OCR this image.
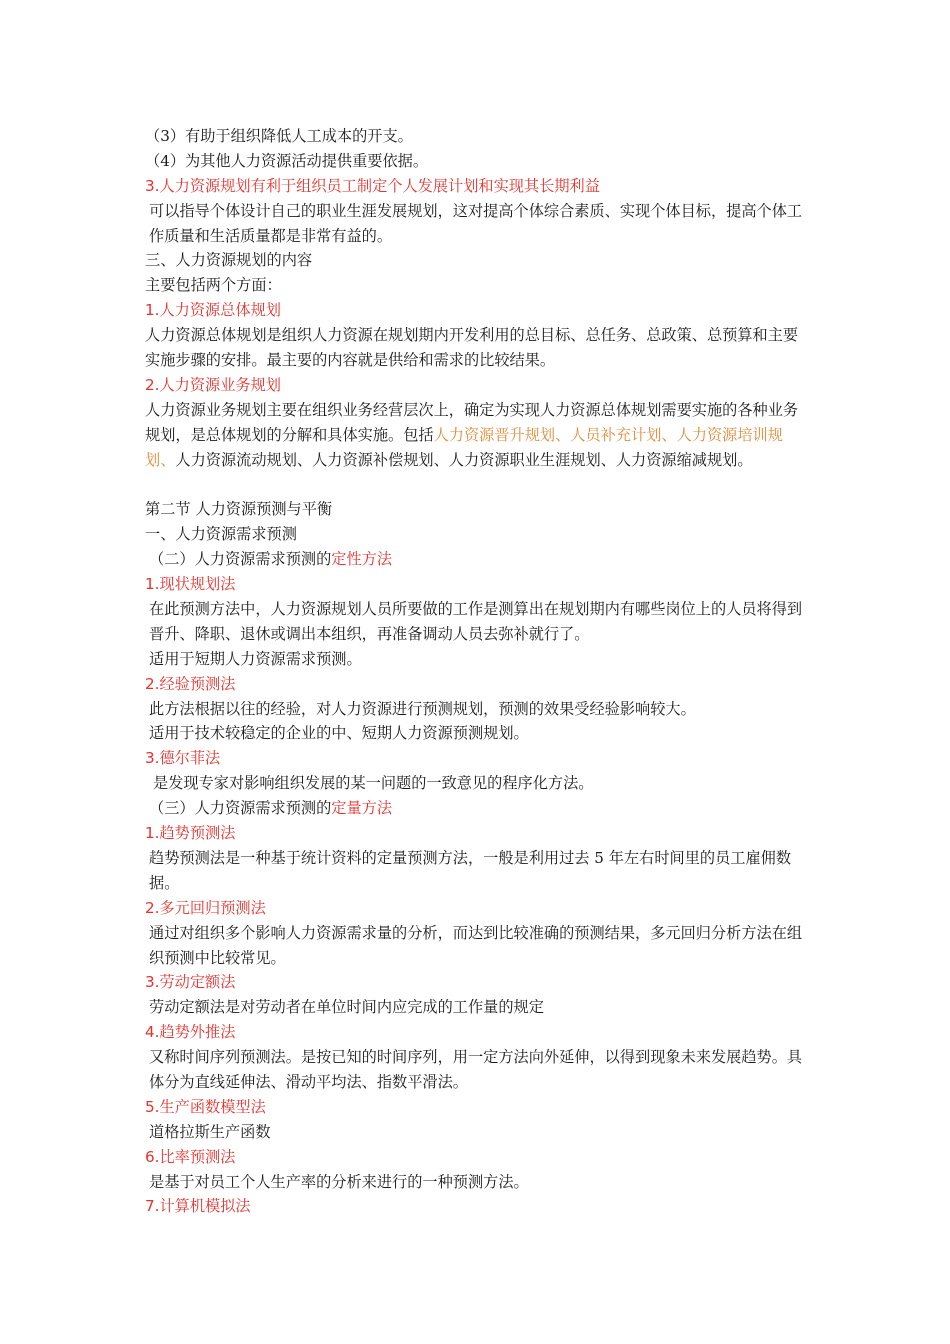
（3）有助于组织降低人工成本的开支。
（4）为其他人力资源活动提供重要依据。
3.人力资源规划有利于组织员工制定个人发展计划和实现其长期利益
可以指导个体设计自己的职业生涯发展规划，这对提高个体综合素质、实现个体目标，提高个体工作质量和生活质量都是非常有益的。
三、人力资源规划的内容
主要包括两个方面：
1.人力资源总体规划
人力资源总体规划是组织人力资源在规划期内开发利用的总目标、总任务、总政策、总预算和主要实施步骤的安排。最主要的内容就是供给和需求的比较结果。
2.人力资源业务规划
人力资源业务规划主要在组织业务经营层次上，确定为实现人力资源总体规划需要实施的各种业务规划，是总体规划的分解和具体实施。包括人力资源晋升规划、人员补充计划、人力资源培训规划、人力资源流动规划、人力资源补偿规划、人力资源职业生涯规划、人力资源缩减规划。
第二节 人力资源预测与平衡
一、人力资源需求预测
（二）人力资源需求预测的定性方法
1.现状规划法
在此预测方法中，人力资源规划人员所要做的工作是测算出在规划期内有哪些岗位上的人员将得到晋升、降职、退休或调出本组织，再准备调动人员去弥补就行了。
适用于短期人力资源需求预测。
2.经验预测法
此方法根据以往的经验，对人力资源进行预测规划，预测的效果受经验影响较大。
适用于技术较稳定的企业的中、短期人力资源预测规划。
3.德尔菲法
是发现专家对影响组织发展的某一问题的一致意见的程序化方法。
（三）人力资源需求预测的定量方法
1.趋势预测法
趋势预测法是一种基于统计资料的定量预测方法，一般是利用过去 5 年左右时间里的员工雇佣数据。
2.多元回归预测法
通过对组织多个影响人力资源需求量的分析，而达到比较准确的预测结果，多元回归分析方法在组织预测中比较常见。
3.劳动定额法
劳动定额法是对劳动者在单位时间内应完成的工作量的规定
4.趋势外推法
又称时间序列预测法。是按已知的时间序列，用一定方法向外延伸，以得到现象未来发展趋势。具体分为直线延伸法、滑动平均法、指数平滑法。
5.生产函数模型法
道格拉斯生产函数
6.比率预测法
是基于对员工个人生产率的分析来进行的一种预测方法。
7.计算机模拟法
